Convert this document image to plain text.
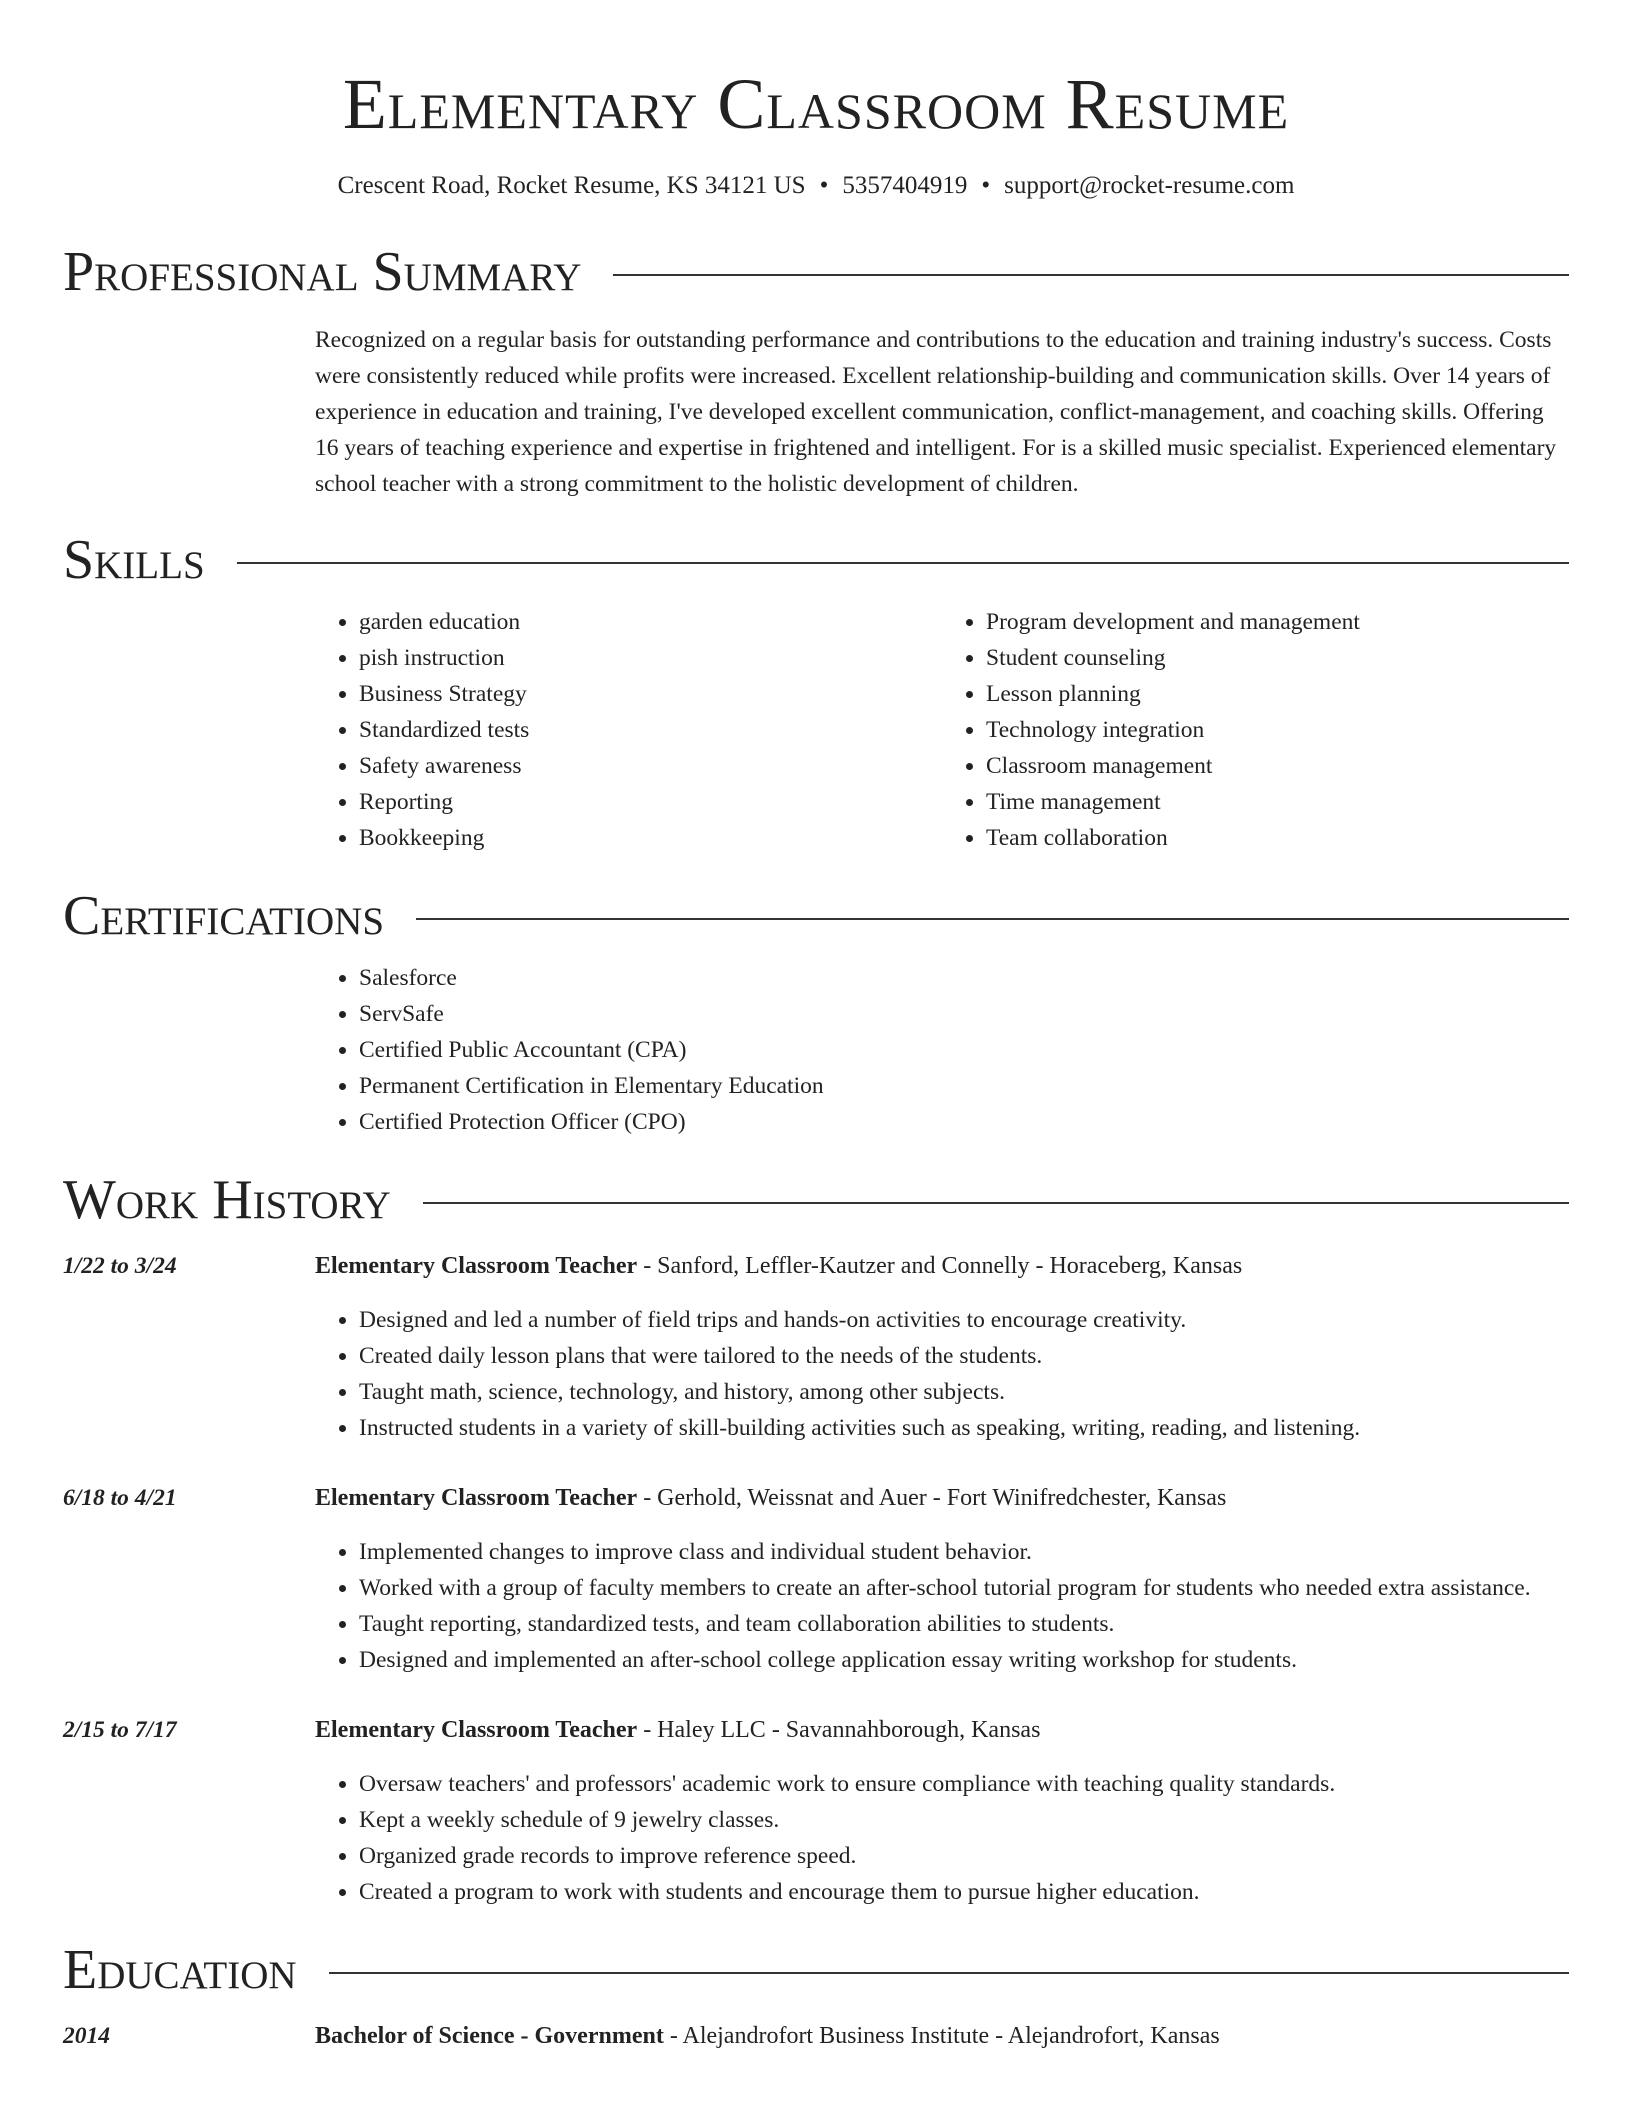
Elementary Classroom Resume
Crescent Road, Rocket Resume, KS 34121 US • 5357404919 • support@rocket-resume.com
Professional Summary

Recognized on a regular basis for outstanding performance and contributions to the education and training industry's success. Costs were consistently reduced while profits were increased. Excellent relationship-building and communication skills. Over 14 years of experience in education and training, I've developed excellent communication, conflict-management, and coaching skills. Offering 16 years of teaching experience and expertise in frightened and intelligent. For is a skilled music specialist. Experienced elementary school teacher with a strong commitment to the holistic development of children.

Skills
• garden education
• pish instruction
• Business Strategy
• Standardized tests
• Safety awareness
• Reporting
• Bookkeeping
• Program development and management
• Student counseling
• Lesson planning
• Technology integration
• Classroom management
• Time management
• Team collaboration
Certifications
• Salesforce
• ServSafe
• Certified Public Accountant (CPA)
• Permanent Certification in Elementary Education
• Certified Protection Officer (CPO)
Work History
1/22 to 3/24	Elementary Classroom Teacher - Sanford, Leffler-Kautzer and Connelly - Horaceberg, Kansas
• Designed and led a number of field trips and hands-on activities to encourage creativity.
• Created daily lesson plans that were tailored to the needs of the students.
• Taught math, science, technology, and history, among other subjects.
• Instructed students in a variety of skill-building activities such as speaking, writing, reading, and listening.
6/18 to 4/21	Elementary Classroom Teacher - Gerhold, Weissnat and Auer - Fort Winifredchester, Kansas
• Implemented changes to improve class and individual student behavior.
• Worked with a group of faculty members to create an after-school tutorial program for students who needed extra assistance.
• Taught reporting, standardized tests, and team collaboration abilities to students.
• Designed and implemented an after-school college application essay writing workshop for students.
2/15 to 7/17	Elementary Classroom Teacher - Haley LLC - Savannahborough, Kansas
• Oversaw teachers' and professors' academic work to ensure compliance with teaching quality standards.
• Kept a weekly schedule of 9 jewelry classes.
• Organized grade records to improve reference speed.
• Created a program to work with students and encourage them to pursue higher education.
Education
2014	Bachelor of Science - Government - Alejandrofort Business Institute - Alejandrofort, Kansas
